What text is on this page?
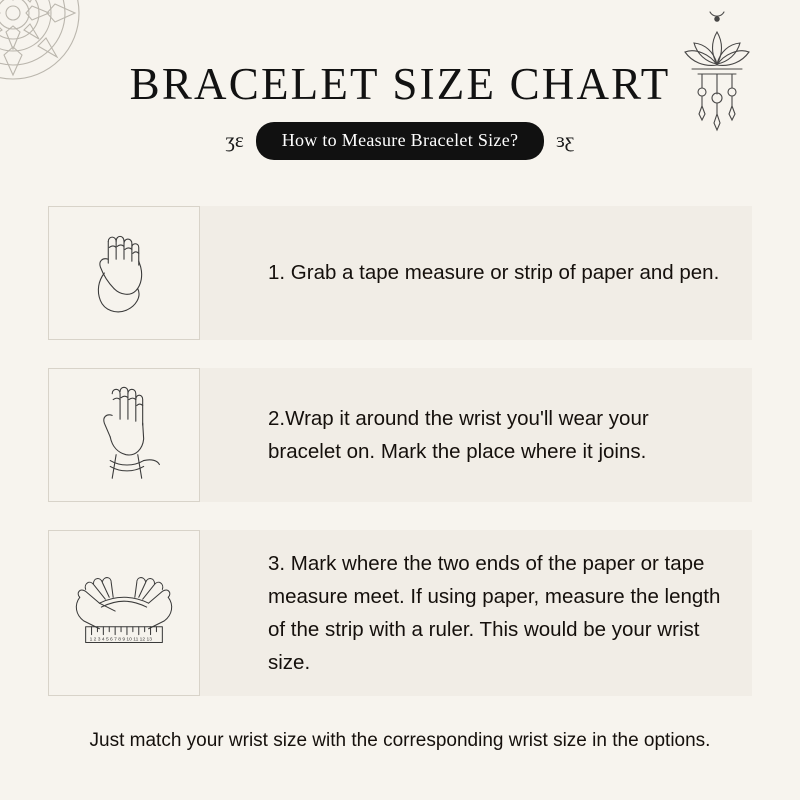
BRACELET SIZE CHART
ʒε	How to Measure Bracelet Size?	ʒε
1. Grab a tape measure or strip of paper and pen.
2.Wrap it around the wrist you'll wear your bracelet on. Mark the place where it joins.
1 2 3 4 5 6 7 8 9 10 11 12 13
3. Mark where the two ends of the paper or tape measure meet. If using paper, measure the length of the strip with a ruler. This would be your wrist size.
Just match your wrist size with the corresponding wrist size in the options.
